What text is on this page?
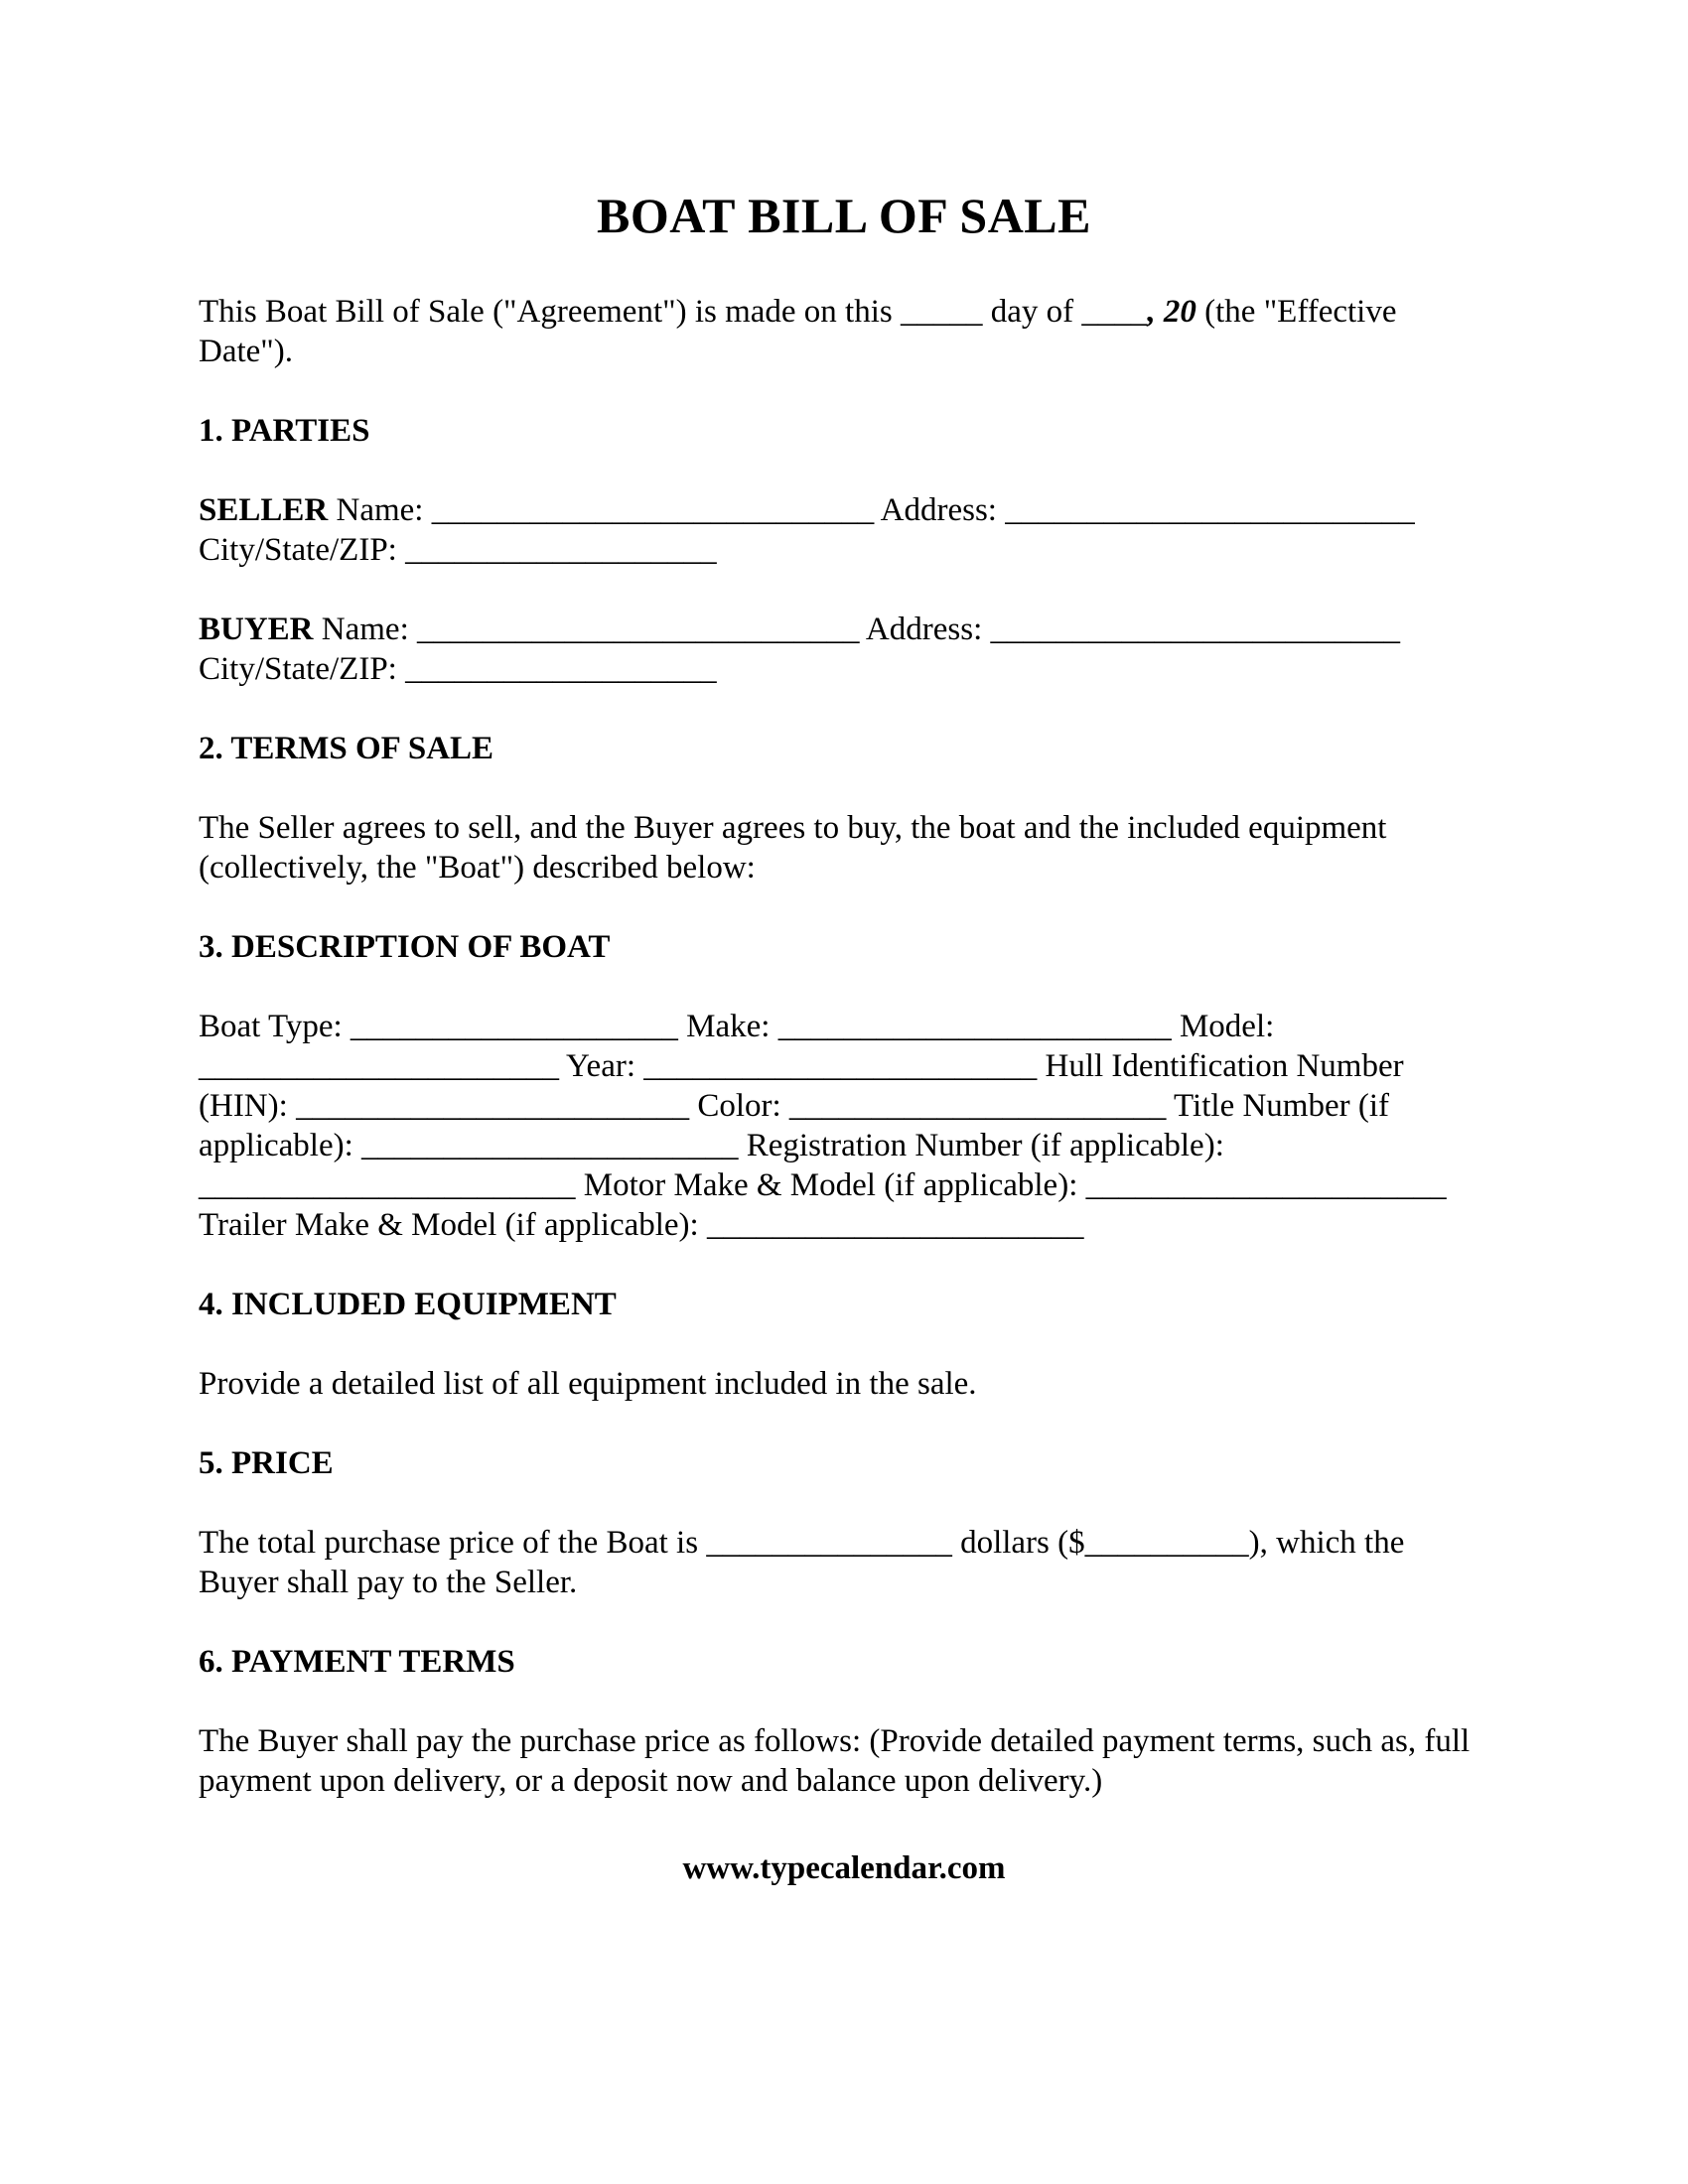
BOAT BILL OF SALE

This Boat Bill of Sale ("Agreement") is made on this _____ day of ____, 20 (the "Effective Date").

1. PARTIES

SELLER Name: ___________________________ Address: _________________________ City/State/ZIP: ___________________

BUYER Name: ___________________________ Address: _________________________ City/State/ZIP: ___________________

2. TERMS OF SALE

The Seller agrees to sell, and the Buyer agrees to buy, the boat and the included equipment (collectively, the "Boat") described below:

3. DESCRIPTION OF BOAT

Boat Type: ____________________ Make: ________________________ Model: ______________________ Year: ________________________ Hull Identification Number (HIN): ________________________ Color: _______________________ Title Number (if applicable): _______________________ Registration Number (if applicable): _______________________ Motor Make & Model (if applicable): ______________________ Trailer Make & Model (if applicable): _______________________

4. INCLUDED EQUIPMENT

Provide a detailed list of all equipment included in the sale.

5. PRICE

The total purchase price of the Boat is _______________ dollars ($__________), which the Buyer shall pay to the Seller.

6. PAYMENT TERMS

The Buyer shall pay the purchase price as follows: (Provide detailed payment terms, such as, full payment upon delivery, or a deposit now and balance upon delivery.)

www.typecalendar.com
